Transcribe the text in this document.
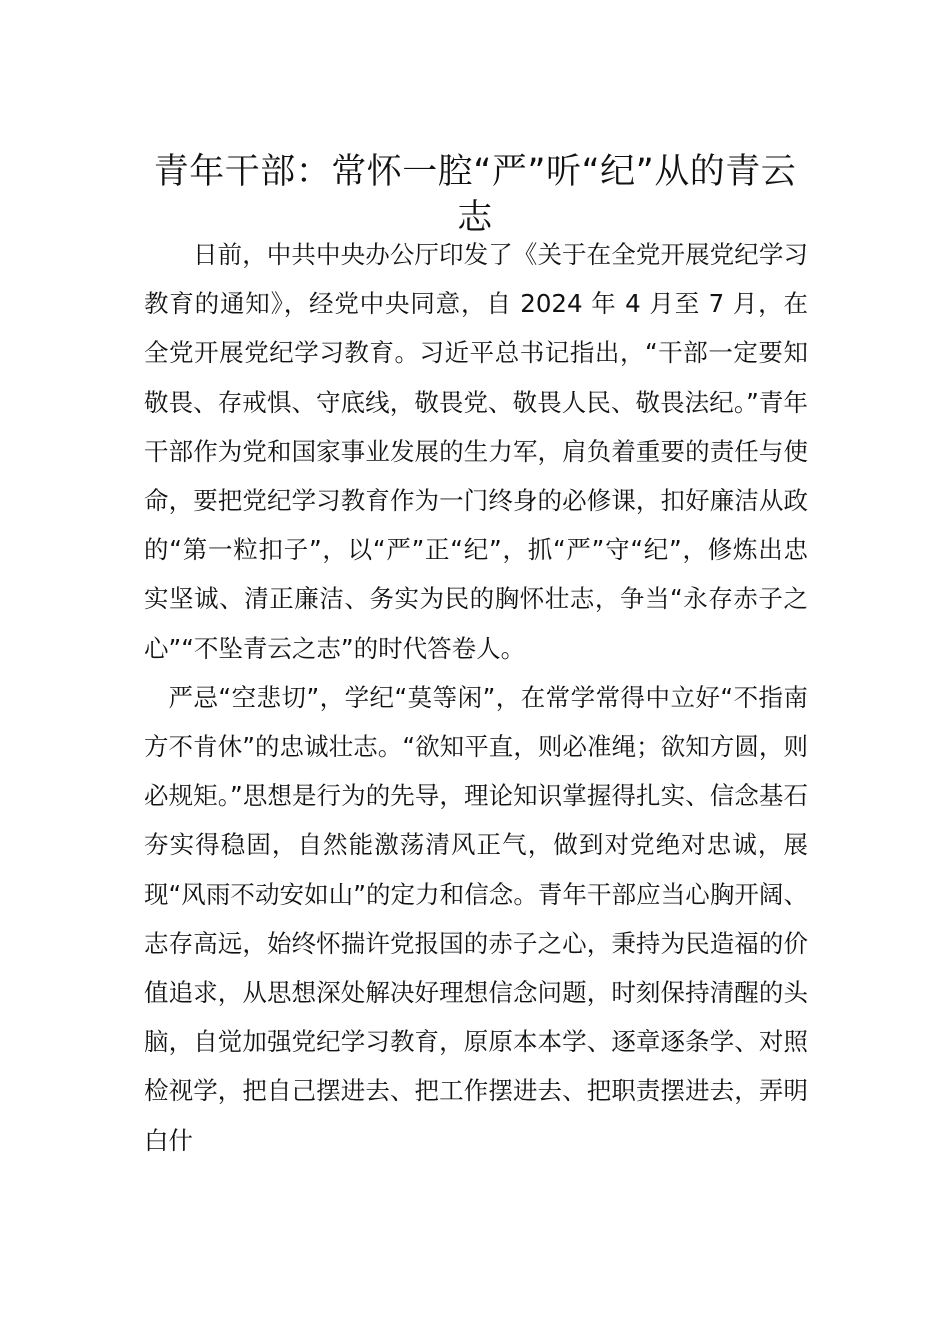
青年干部：常怀一腔“严”听“纪”从的青云志

日前，中共中央办公厅印发了《关于在全党开展党纪学习教育的通知》，经党中央同意，自 2024 年 4 月至 7 月，在全党开展党纪学习教育。习近平总书记指出，“干部一定要知敬畏、存戒惧、守底线，敬畏党、敬畏人民、敬畏法纪。”青年干部作为党和国家事业发展的生力军，肩负着重要的责任与使命，要把党纪学习教育作为一门终身的必修课，扣好廉洁从政的“第一粒扣子”，以“严”正“纪”，抓“严”守“纪”，修炼出忠实坚诚、清正廉洁、务实为民的胸怀壮志，争当“永存赤子之心”“不坠青云之志”的时代答卷人。

严忌“空悲切”，学纪“莫等闲”，在常学常得中立好“不指南方不肯休”的忠诚壮志。“欲知平直，则必准绳；欲知方圆，则必规矩。”思想是行为的先导，理论知识掌握得扎实、信念基石夯实得稳固，自然能激荡清风正气，做到对党绝对忠诚，展现“风雨不动安如山”的定力和信念。青年干部应当心胸开阔、志存高远，始终怀揣许党报国的赤子之心，秉持为民造福的价值追求，从思想深处解决好理想信念问题，时刻保持清醒的头脑，自觉加强党纪学习教育，原原本本学、逐章逐条学、对照检视学，把自己摆进去、把工作摆进去、把职责摆进去，弄明白什
